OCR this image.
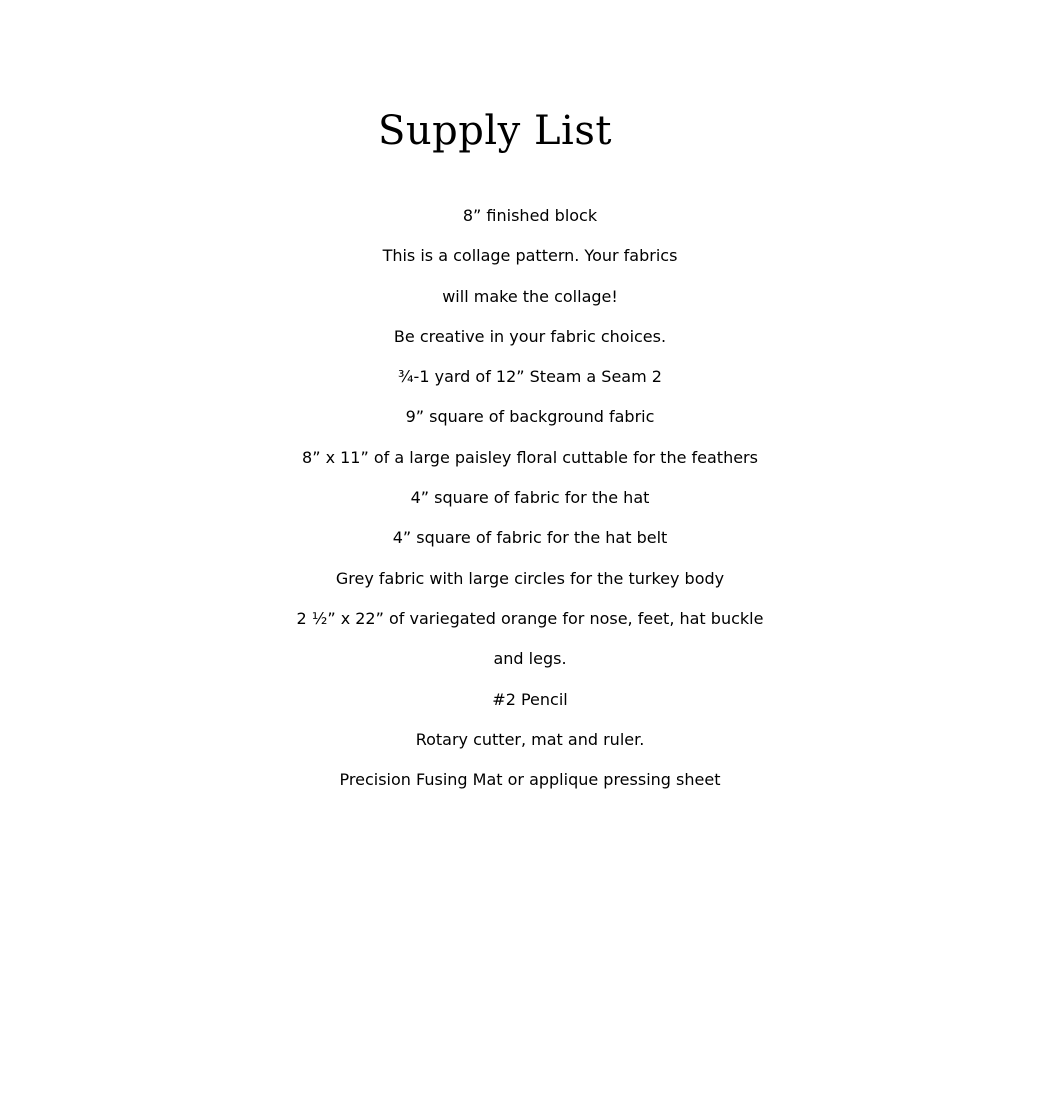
Supply List
8” finished block
This is a collage pattern. Your fabrics
will make the collage!
Be creative in your fabric choices.
¾-1 yard of 12” Steam a Seam 2
9” square of background fabric
8” x 11” of a large paisley floral cuttable for the feathers
4” square of fabric for the hat
4” square of fabric for the hat belt
Grey fabric with large circles for the turkey body
2 ½” x 22” of variegated orange for nose, feet, hat buckle
and legs.
#2 Pencil
Rotary cutter, mat and ruler.
Precision Fusing Mat or applique pressing sheet
